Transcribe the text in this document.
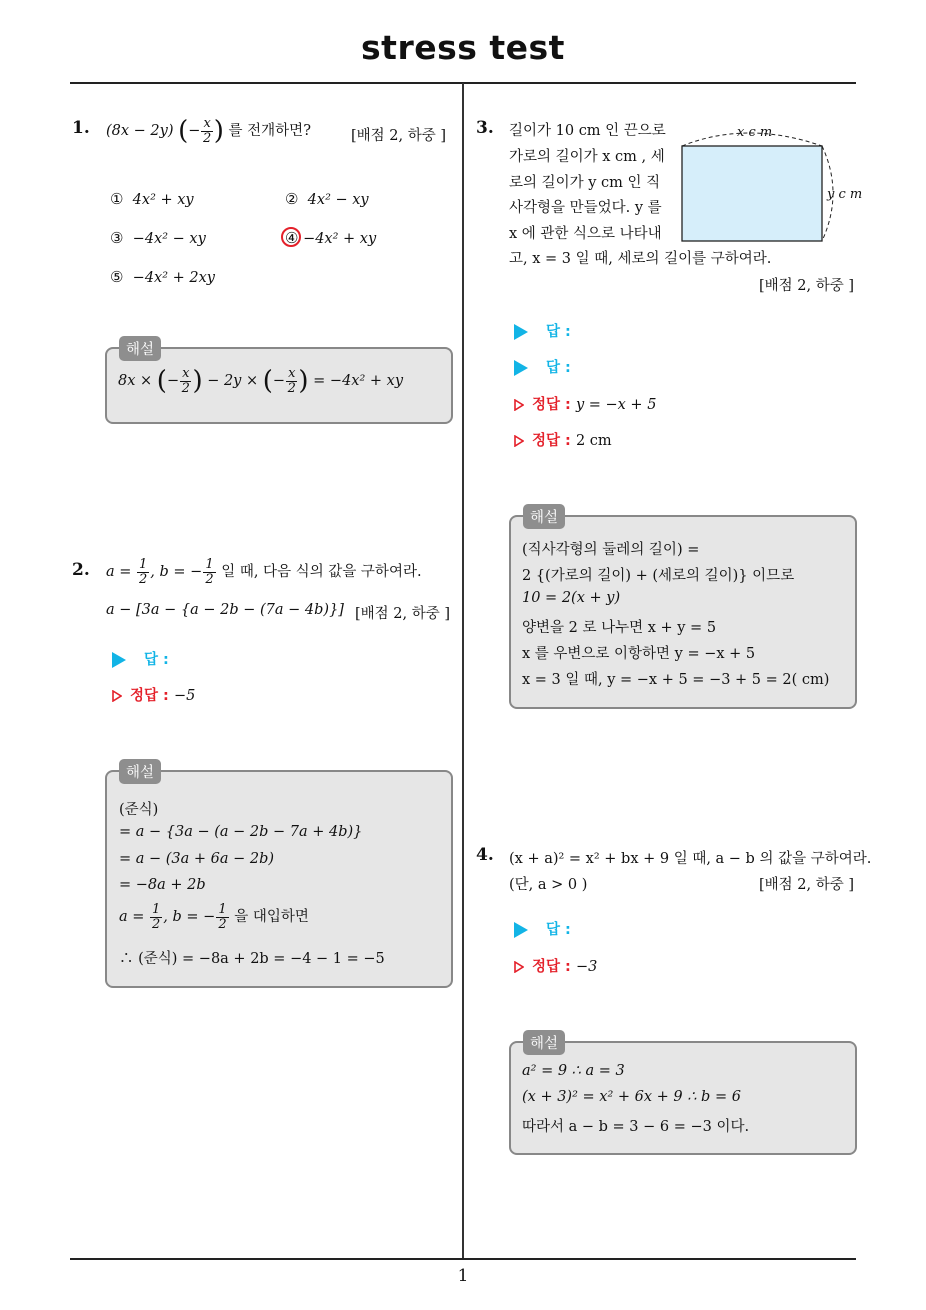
stress test
1. (8x − 2y) (− $\frac{x}{2}$ ) 를 전개하면?	[배점 2, 하중 ]
① 4x² + xy	② 4x² − xy
③ −4x² − xy	④ −4x² + xy
⑤ −4x² + 2xy
해설
8x × (− $\frac{x}{2}$ ) − 2y × (− $\frac{x}{2}$ ) = −4x² + xy
2. $a = \frac{1}{2}$ , b = − $\frac{1}{2}$ 일 때, 다음 식의 값을 구하여라.
a − [3a − {a − 2b − (7a − 4b)}] [배점 2, 하중 ]
답 :
정답 : −5
해설
(준식)
= a − {3a − (a − 2b − 7a + 4b)}
= a − (3a + 6a − 2b)
= −8a + 2b
$a = \frac{1}{2}$ , b = − $\frac{1}{2}$ 을 대입하면
∴ (준식) = −8a + 2b = −4 − 1 = −5
3. 길이가 10 cm 인 끈으로
가로의 길이가 x cm , 세
로의 길이가 y cm 인 직
사각형을 만들었다. y 를
x 에 관한 식으로 나타내
고, x = 3 일 때, 세로의 길이를 구하여라.
[배점 2, 하중 ]
x c m
y c m
답 :
답 :
정답 : y = −x + 5
정답 : 2 cm
해설
(직사각형의 둘레의 길이) =
2 {(가로의 길이) + (세로의 길이)} 이므로
10 = 2(x + y)
양변을 2 로 나누면 x + y = 5
x 를 우변으로 이항하면 y = −x + 5
x = 3 일 때, y = −x + 5 = −3 + 5 = 2( cm)
4. (x + a)² = x² + bx + 9 일 때, a − b 의 값을 구하여라.
(단, a > 0 )	[배점 2, 하중 ]
답 :
정답 : −3
해설
a² = 9 ∴ a = 3
(x + 3)² = x² + 6x + 9 ∴ b = 6
따라서 a − b = 3 − 6 = −3 이다.
1
